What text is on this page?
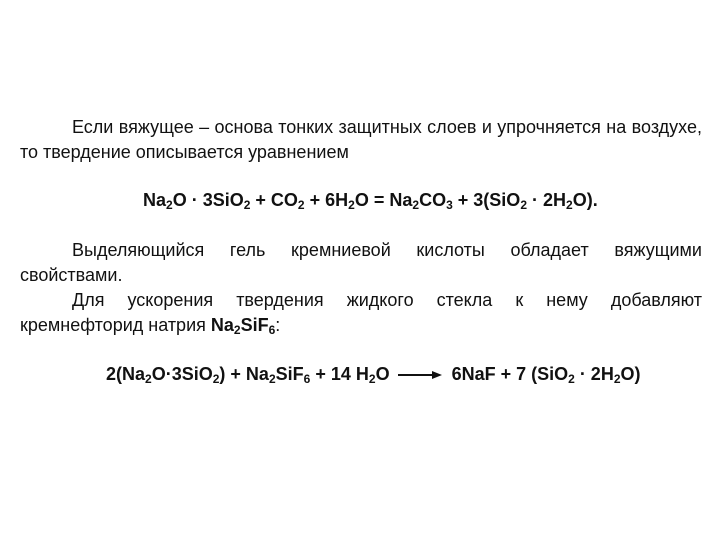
Если вяжущее – основа тонких защитных слоев и упрочняется на воздухе, то твердение описывается уравнением

$Na_2O \cdot 3SiO_2 + CO_2 + 6H_2O = Na_2CO_3 + 3(SiO_2 \cdot 2H_2O)$.

Выделяющийся гель кремниевой кислоты обладает вяжущими свойствами.

Для ускорения твердения жидкого стекла к нему добавляют кремнефторид натрия $Na_2SiF_6$:

$2(Na_2O\cdot 3SiO_2) + Na_2SiF_6 + 14$ $H_2O \to 6NaF + 7$ $(SiO_2 \cdot 2H_2O)$
